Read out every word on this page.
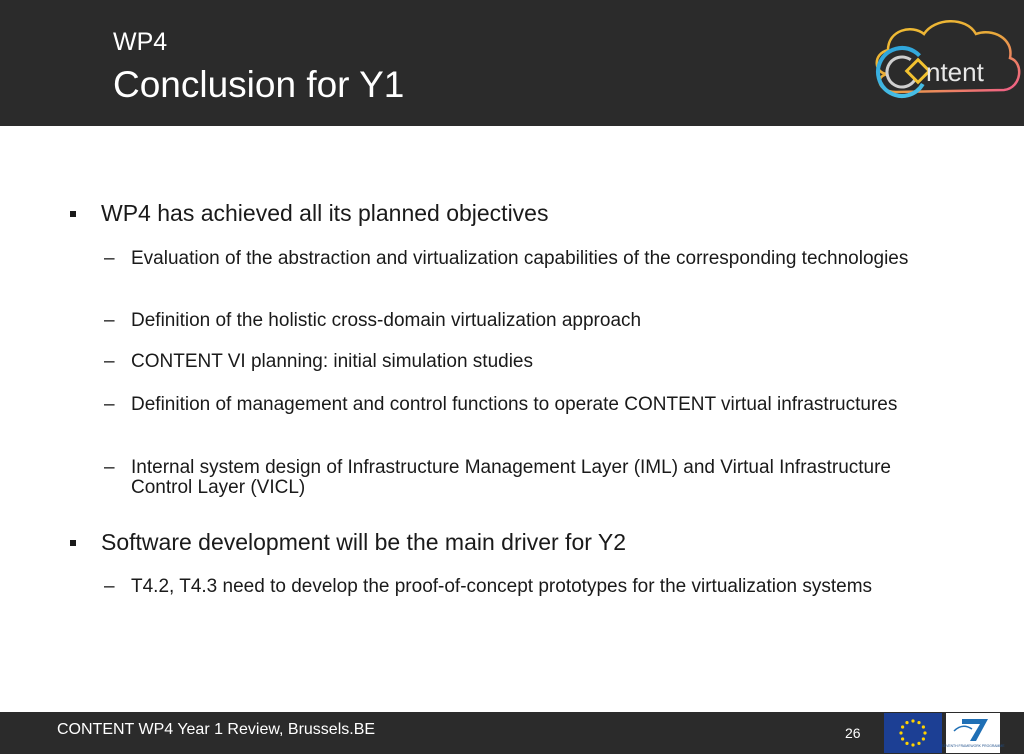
WP4
Conclusion for Y1	ntent
WP4 has achieved all its planned objectives
– Evaluation of the abstraction and virtualization capabilities of the corresponding technologies
– Definition of the holistic cross-domain virtualization approach
– CONTENT VI planning: initial simulation studies
– Definition of management and control functions to operate CONTENT virtual infrastructures
– Internal system design of Infrastructure Management Layer (IML) and Virtual Infrastructure Control Layer (VICL)
Software development will be the main driver for Y2
– T4.2, T4.3 need to develop the proof-of-concept prototypes for the virtualization systems
CONTENT WP4 Year 1 Review, Brussels.BE	26
SEVENTH FRAMEWORK PROGRAMME
